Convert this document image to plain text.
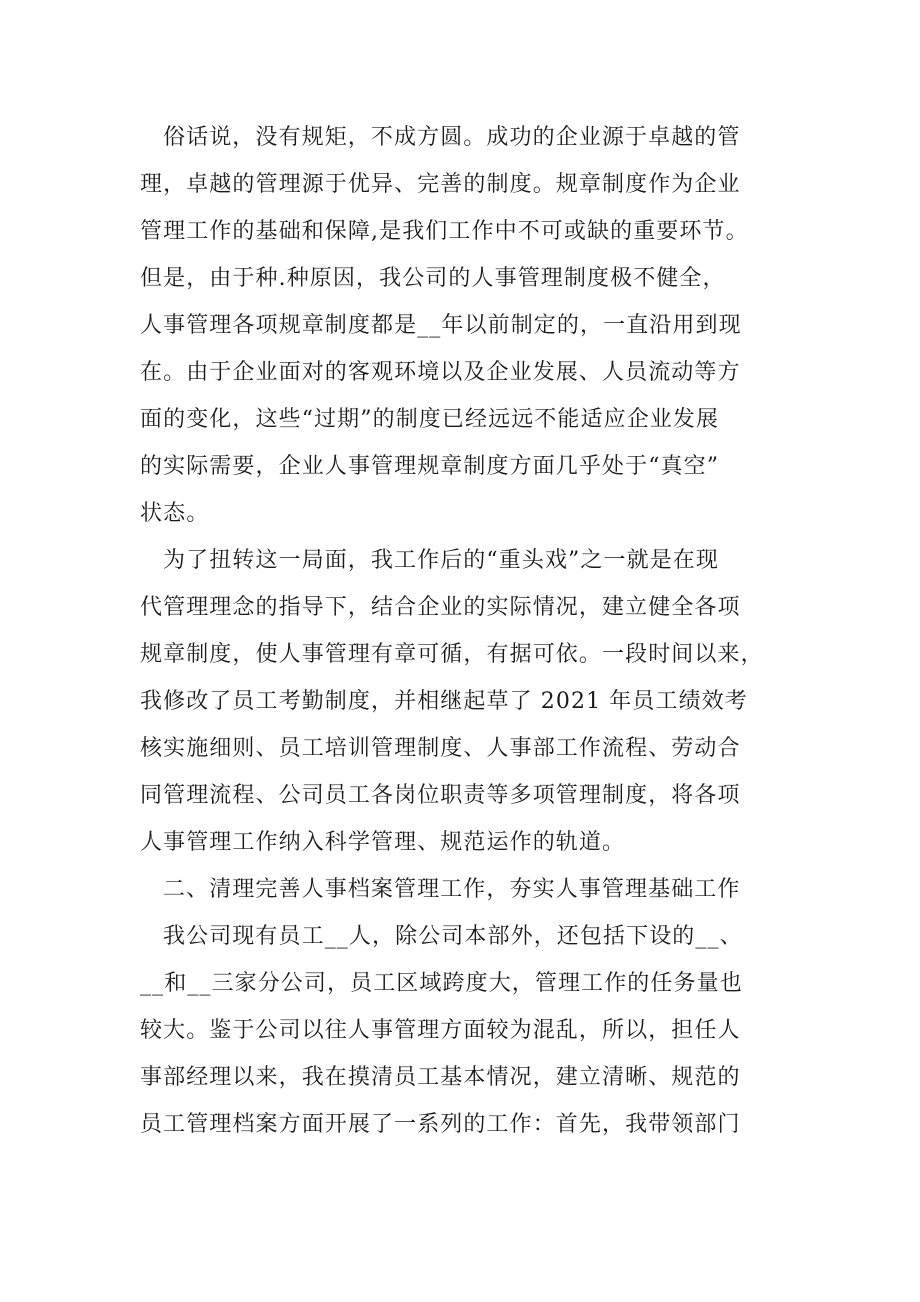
俗话说，没有规矩，不成方圆。成功的企业源于卓越的管

理，卓越的管理源于优异、完善的制度。规章制度作为企业

管理工作的基础和保障,是我们工作中不可或缺的重要环节。

但是，由于种.种原因，我公司的人事管理制度极不健全，

人事管理各项规章制度都是__年以前制定的，一直沿用到现

在。由于企业面对的客观环境以及企业发展、人员流动等方

面的变化，这些“过期”的制度已经远远不能适应企业发展

的实际需要，企业人事管理规章制度方面几乎处于“真空”

状态。

为了扭转这一局面，我工作后的“重头戏”之一就是在现

代管理理念的指导下，结合企业的实际情况，建立健全各项

规章制度，使人事管理有章可循，有据可依。一段时间以来，

我修改了员工考勤制度，并相继起草了 2021 年员工绩效考

核实施细则、员工培训管理制度、人事部工作流程、劳动合

同管理流程、公司员工各岗位职责等多项管理制度，将各项

人事管理工作纳入科学管理、规范运作的轨道。

二、清理完善人事档案管理工作，夯实人事管理基础工作

我公司现有员工__人，除公司本部外，还包括下设的__、

__和__三家分公司，员工区域跨度大，管理工作的任务量也

较大。鉴于公司以往人事管理方面较为混乱，所以，担任人

事部经理以来，我在摸清员工基本情况，建立清晰、规范的

员工管理档案方面开展了一系列的工作：首先，我带领部门
